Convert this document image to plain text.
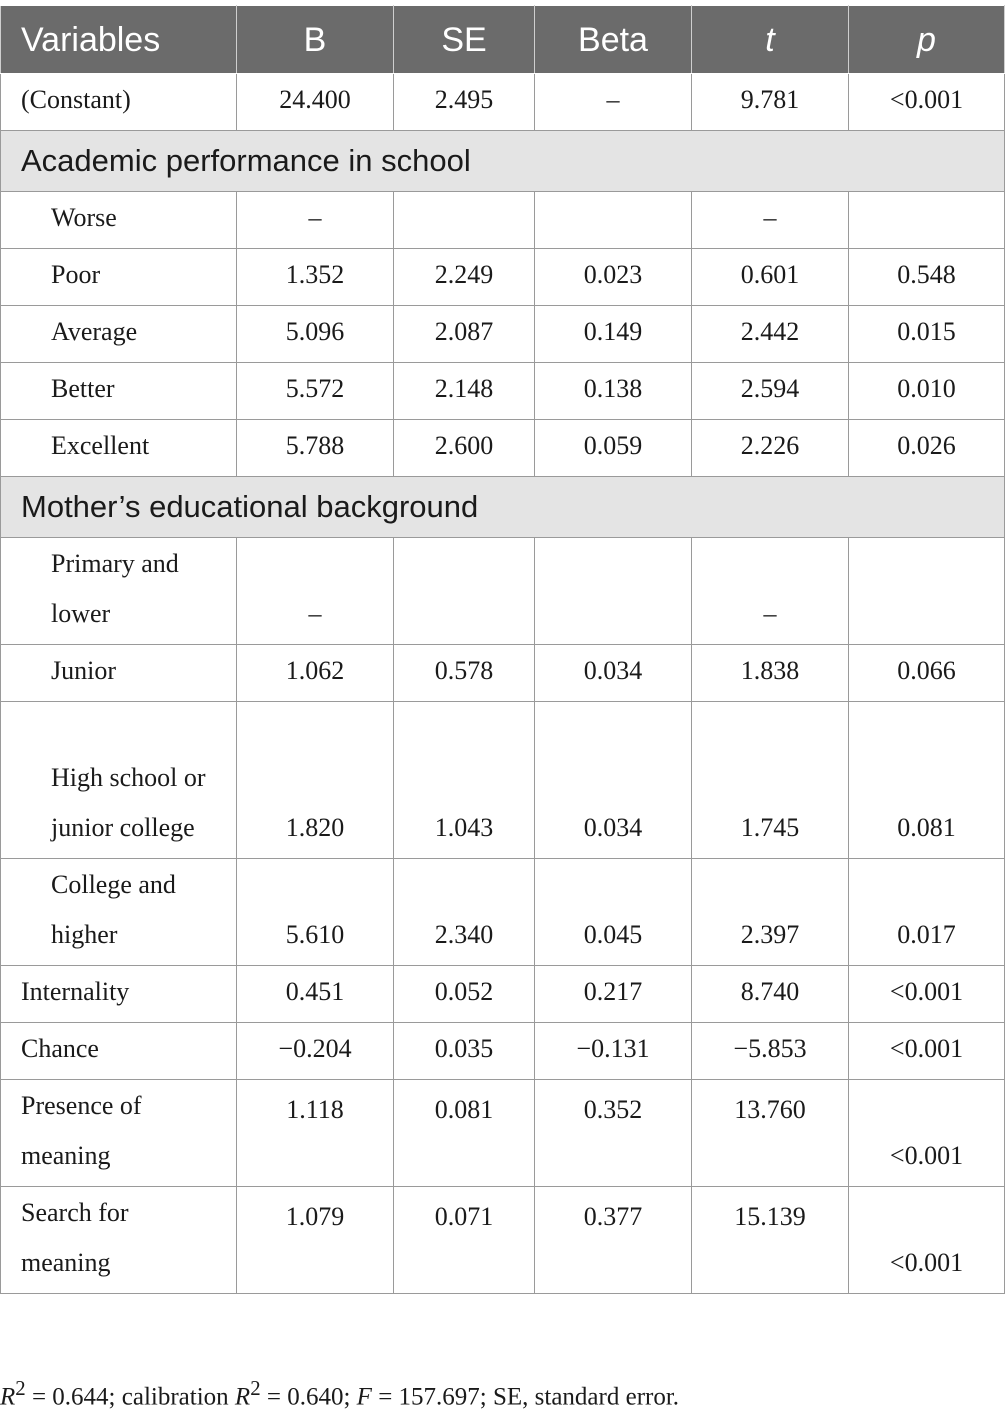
Variables	B	SE	Beta	t	p
(Constant)	24.400	2.495	–	9.781	<0.001
Academic performance in school					
Worse	–			–	
Poor	1.352	2.249	0.023	0.601	0.548
Average	5.096	2.087	0.149	2.442	0.015
Better	5.572	2.148	0.138	2.594	0.010
Excellent	5.788	2.600	0.059	2.226	0.026
Mother’s educational background					
Primary and lower	–			–	
Junior	1.062	0.578	0.034	1.838	0.066
High school or junior college	1.820	1.043	0.034	1.745	0.081
College and higher	5.610	2.340	0.045	2.397	0.017
Internality	0.451	0.052	0.217	8.740	<0.001
Chance	−0.204	0.035	−0.131	−5.853	<0.001
Presence of meaning	1.118	0.081	0.352	13.760	<0.001
Search for meaning	1.079	0.071	0.377	15.139	<0.001
$R^2 = 0.644$; calibration $R^2 = 0.640$; F = 157.697; SE, standard error.
